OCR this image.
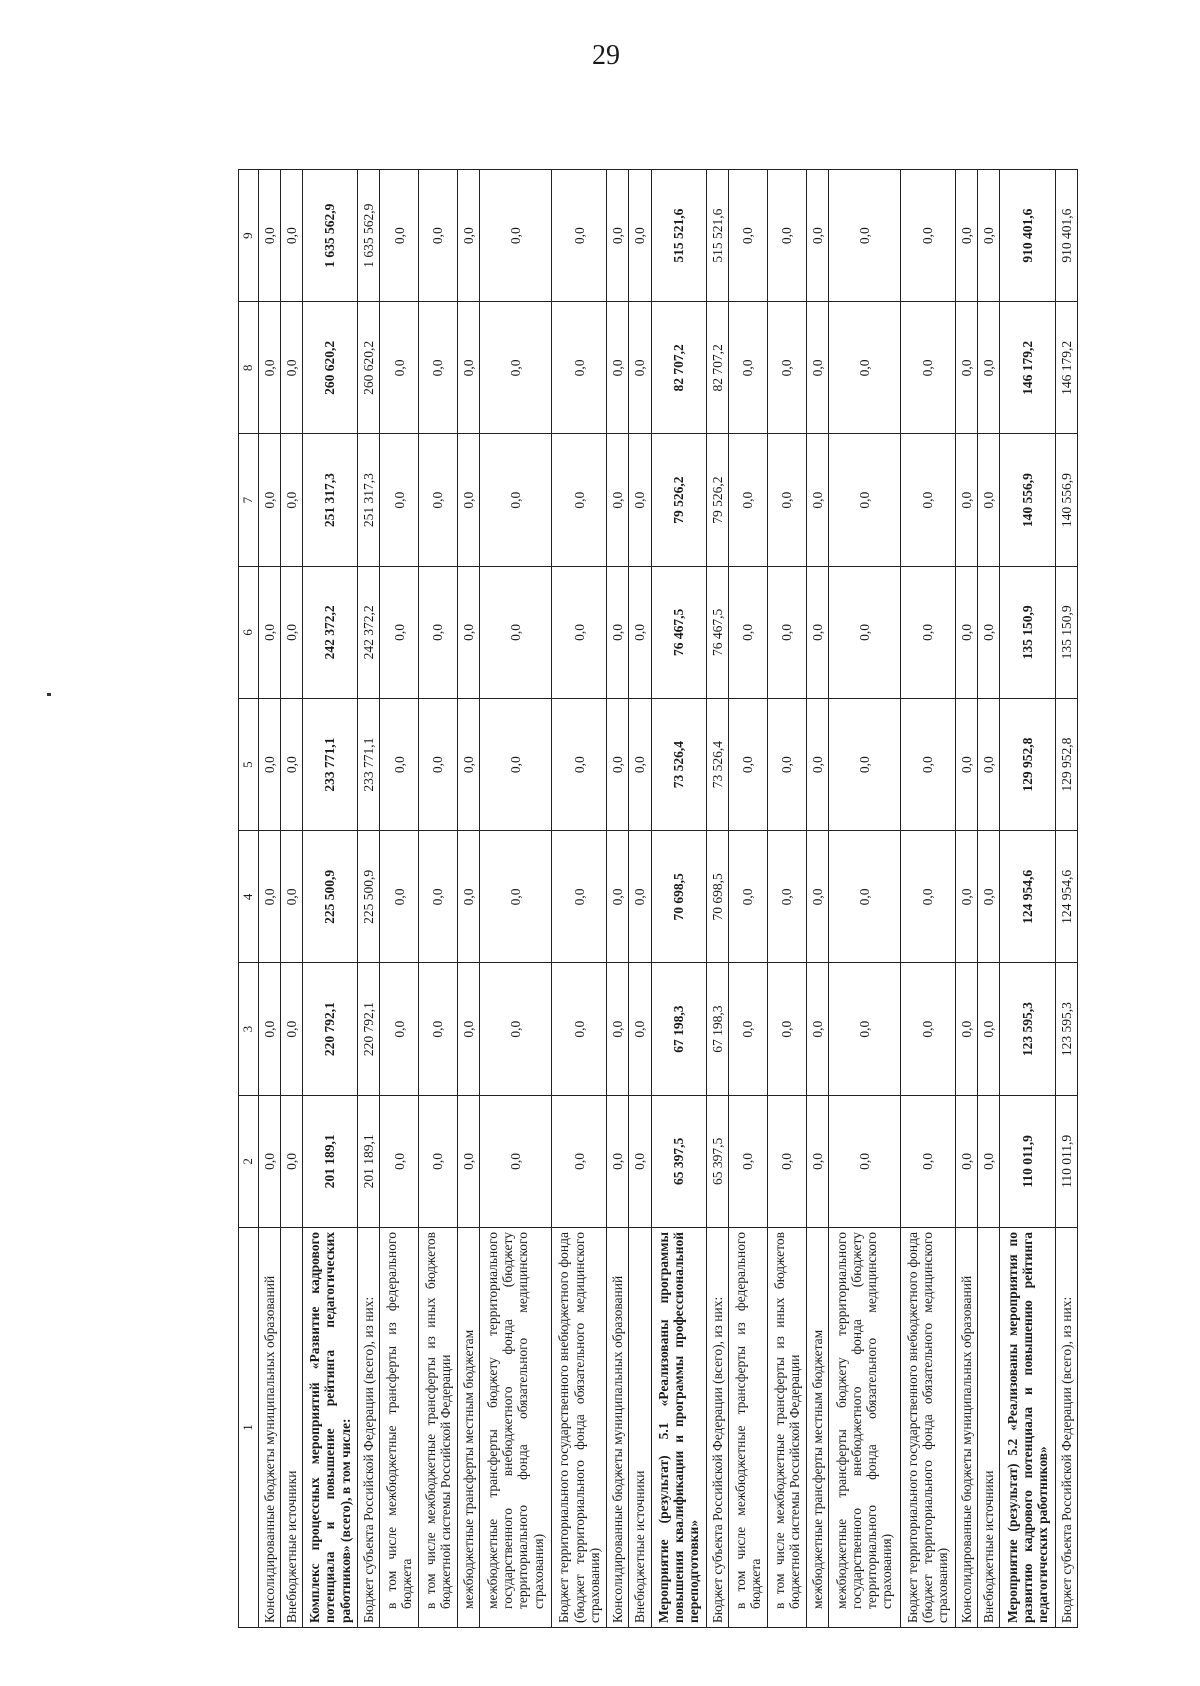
29
1	2	3	4	5	6	7	8	9
Консолидированные бюджеты муниципальных образований	0,0	0,0	0,0	0,0	0,0	0,0	0,0	0,0
Внебюджетные источники	0,0	0,0	0,0	0,0	0,0	0,0	0,0	0,0
Комплекс процессных мероприятий «Развитие кадрового потенциала и повышение рейтинга педагогических работников» (всего), в том числе:	201 189,1	220 792,1	225 500,9	233 771,1	242 372,2	251 317,3	260 620,2	1 635 562,9
Бюджет субъекта Российской Федерации (всего), из них:	201 189,1	220 792,1	225 500,9	233 771,1	242 372,2	251 317,3	260 620,2	1 635 562,9
в том числе межбюджетные трансферты из федерального бюджета	0,0	0,0	0,0	0,0	0,0	0,0	0,0	0,0
в том числе межбюджетные трансферты из иных бюджетов бюджетной системы Российской Федерации	0,0	0,0	0,0	0,0	0,0	0,0	0,0	0,0
межбюджетные трансферты местным бюджетам	0,0	0,0	0,0	0,0	0,0	0,0	0,0	0,0
межбюджетные трансферты бюджету территориального государственного внебюджетного фонда (бюджету территориального фонда обязательного медицинского страхования)	0,0	0,0	0,0	0,0	0,0	0,0	0,0	0,0
Бюджет территориального государственного внебюджетного фонда (бюджет территориального фонда обязательного медицинского страхования)	0,0	0,0	0,0	0,0	0,0	0,0	0,0	0,0
Консолидированные бюджеты муниципальных образований	0,0	0,0	0,0	0,0	0,0	0,0	0,0	0,0
Внебюджетные источники	0,0	0,0	0,0	0,0	0,0	0,0	0,0	0,0
Мероприятие (результат) 5.1 «Реализованы программы повышения квалификации и программы профессиональной переподготовки»	65 397,5	67 198,3	70 698,5	73 526,4	76 467,5	79 526,2	82 707,2	515 521,6
Бюджет субъекта Российской Федерации (всего), из них:	65 397,5	67 198,3	70 698,5	73 526,4	76 467,5	79 526,2	82 707,2	515 521,6
в том числе межбюджетные трансферты из федерального бюджета	0,0	0,0	0,0	0,0	0,0	0,0	0,0	0,0
в том числе межбюджетные трансферты из иных бюджетов бюджетной системы Российской Федерации	0,0	0,0	0,0	0,0	0,0	0,0	0,0	0,0
межбюджетные трансферты местным бюджетам	0,0	0,0	0,0	0,0	0,0	0,0	0,0	0,0
межбюджетные трансферты бюджету территориального государственного внебюджетного фонда (бюджету территориального фонда обязательного медицинского страхования)	0,0	0,0	0,0	0,0	0,0	0,0	0,0	0,0
Бюджет территориального государственного внебюджетного фонда (бюджет территориального фонда обязательного медицинского страхования)	0,0	0,0	0,0	0,0	0,0	0,0	0,0	0,0
Консолидированные бюджеты муниципальных образований	0,0	0,0	0,0	0,0	0,0	0,0	0,0	0,0
Внебюджетные источники	0,0	0,0	0,0	0,0	0,0	0,0	0,0	0,0
Мероприятие (результат) 5.2 «Реализованы мероприятия по развитию кадрового потенциала и повышению рейтинга педагогических работников»	110 011,9	123 595,3	124 954,6	129 952,8	135 150,9	140 556,9	146 179,2	910 401,6
Бюджет субъекта Российской Федерации (всего), из них:	110 011,9	123 595,3	124 954,6	129 952,8	135 150,9	140 556,9	146 179,2	910 401,6
